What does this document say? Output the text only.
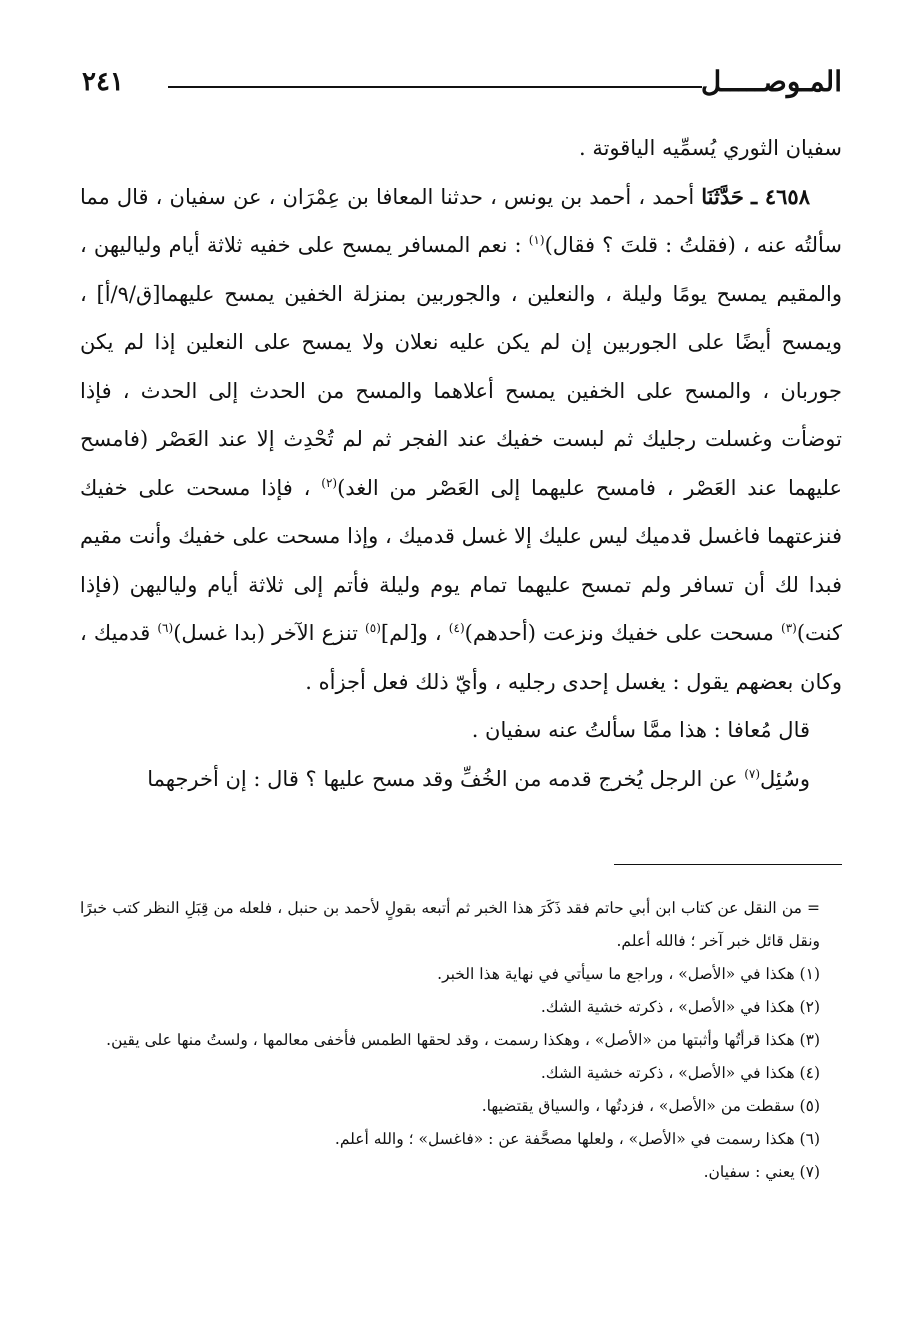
المـوصـــــل
٢٤١

سفيان الثوري يُسمِّيه الياقوتة .

٤٦٥٨ ـ حَدَّثَنَا أحمد ، أحمد بن يونس ، حدثنا المعافا بن عِمْرَان ، عن سفيان ، قال مما سألتُه عنه ، (فقلتُ : قلتَ ؟ فقال)$^{(١)}$ : نعم المسافر يمسح على خفيه ثلاثة أيام ولياليهن ، والمقيم يمسح يومًا وليلة ، والنعلين ، والجوربين بمنزلة الخفين يمسح عليهما[ق/٩/أ] ، ويمسح أيضًا على الجوربين إن لم يكن عليه نعلان ولا يمسح على النعلين إذا لم يكن جوربان ، والمسح على الخفين يمسح أعلاهما والمسح من الحدث إلى الحدث ، فإذا توضأت وغسلت رجليك ثم لبست خفيك عند الفجر ثم لم تُحْدِث إلا عند العَصْر (فامسح عليهما عند العَصْر ، فامسح عليهما إلى العَصْر من الغد)$^{(٢)}$ ، فإذا مسحت على خفيك فنزعتهما فاغسل قدميك ليس عليك إلا غسل قدميك ، وإذا مسحت على خفيك وأنت مقيم فبدا لك أن تسافر ولم تمسح عليهما تمام يوم وليلة فأتم إلى ثلاثة أيام ولياليهن (فإذا كنت)$^{(٣)}$ مسحت على خفيك ونزعت (أحدهم)$^{(٤)}$ ، و[لم]$^{(٥)}$ تنزع الآخر (بدا غسل)$^{(٦)}$ قدميك ، وكان بعضهم يقول : يغسل إحدى رجليه ، وأيّ ذلك فعل أجزأه .

قال مُعافا : هذا ممَّا سألتُ عنه سفيان .

وسُئِل$^{(٧)}$ عن الرجل يُخرج قدمه من الخُفِّ وقد مسح عليها ؟ قال : إن أخرجهما

= من النقل عن كتاب ابن أبي حاتم فقد ذَكَرَ هذا الخبر ثم أتبعه بقولٍ لأحمد بن حنبل ، فلعله من قِبَلِ النظر كتب خبرًا ونقل قائل خبر آخر ؛ فالله أعلم.

(١) هكذا في «الأصل» ، وراجع ما سيأتي في نهاية هذا الخبر.

(٢) هكذا في «الأصل» ، ذكرته خشية الشك.

(٣) هكذا قرأتُها وأثبتها من «الأصل» ، وهكذا رسمت ، وقد لحقها الطمس فأخفى معالمها ، ولستُ منها على يقين.

(٤) هكذا في «الأصل» ، ذكرته خشية الشك.

(٥) سقطت من «الأصل» ، فزدتُها ، والسياق يقتضيها.

(٦) هكذا رسمت في «الأصل» ، ولعلها مصحَّفة عن : «فاغسل» ؛ والله أعلم.

(٧) يعني : سفيان.
